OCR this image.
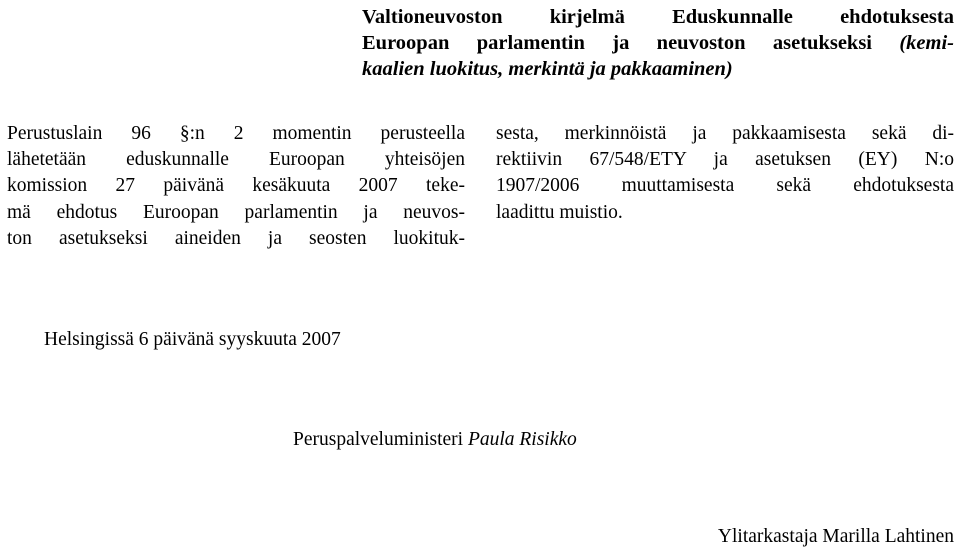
Valtioneuvoston kirjelmä Eduskunnalle ehdotuksesta
Euroopan parlamentin ja neuvoston asetukseksi (kemi-
kaalien luokitus, merkintä ja pakkaaminen)
Perustuslain 96 §:n 2 momentin perusteella
lähetetään eduskunnalle Euroopan yhteisöjen
komission 27 päivänä kesäkuuta 2007 teke-
mä ehdotus Euroopan parlamentin ja neuvos-
ton asetukseksi aineiden ja seosten luokituk-
sesta, merkinnöistä ja pakkaamisesta sekä di-
rektiivin 67/548/ETY ja asetuksen (EY) N:o
1907/2006 muuttamisesta sekä ehdotuksesta
laadittu muistio.
Helsingissä 6 päivänä syyskuuta 2007
Peruspalveluministeri Paula Risikko
Ylitarkastaja Marilla Lahtinen
